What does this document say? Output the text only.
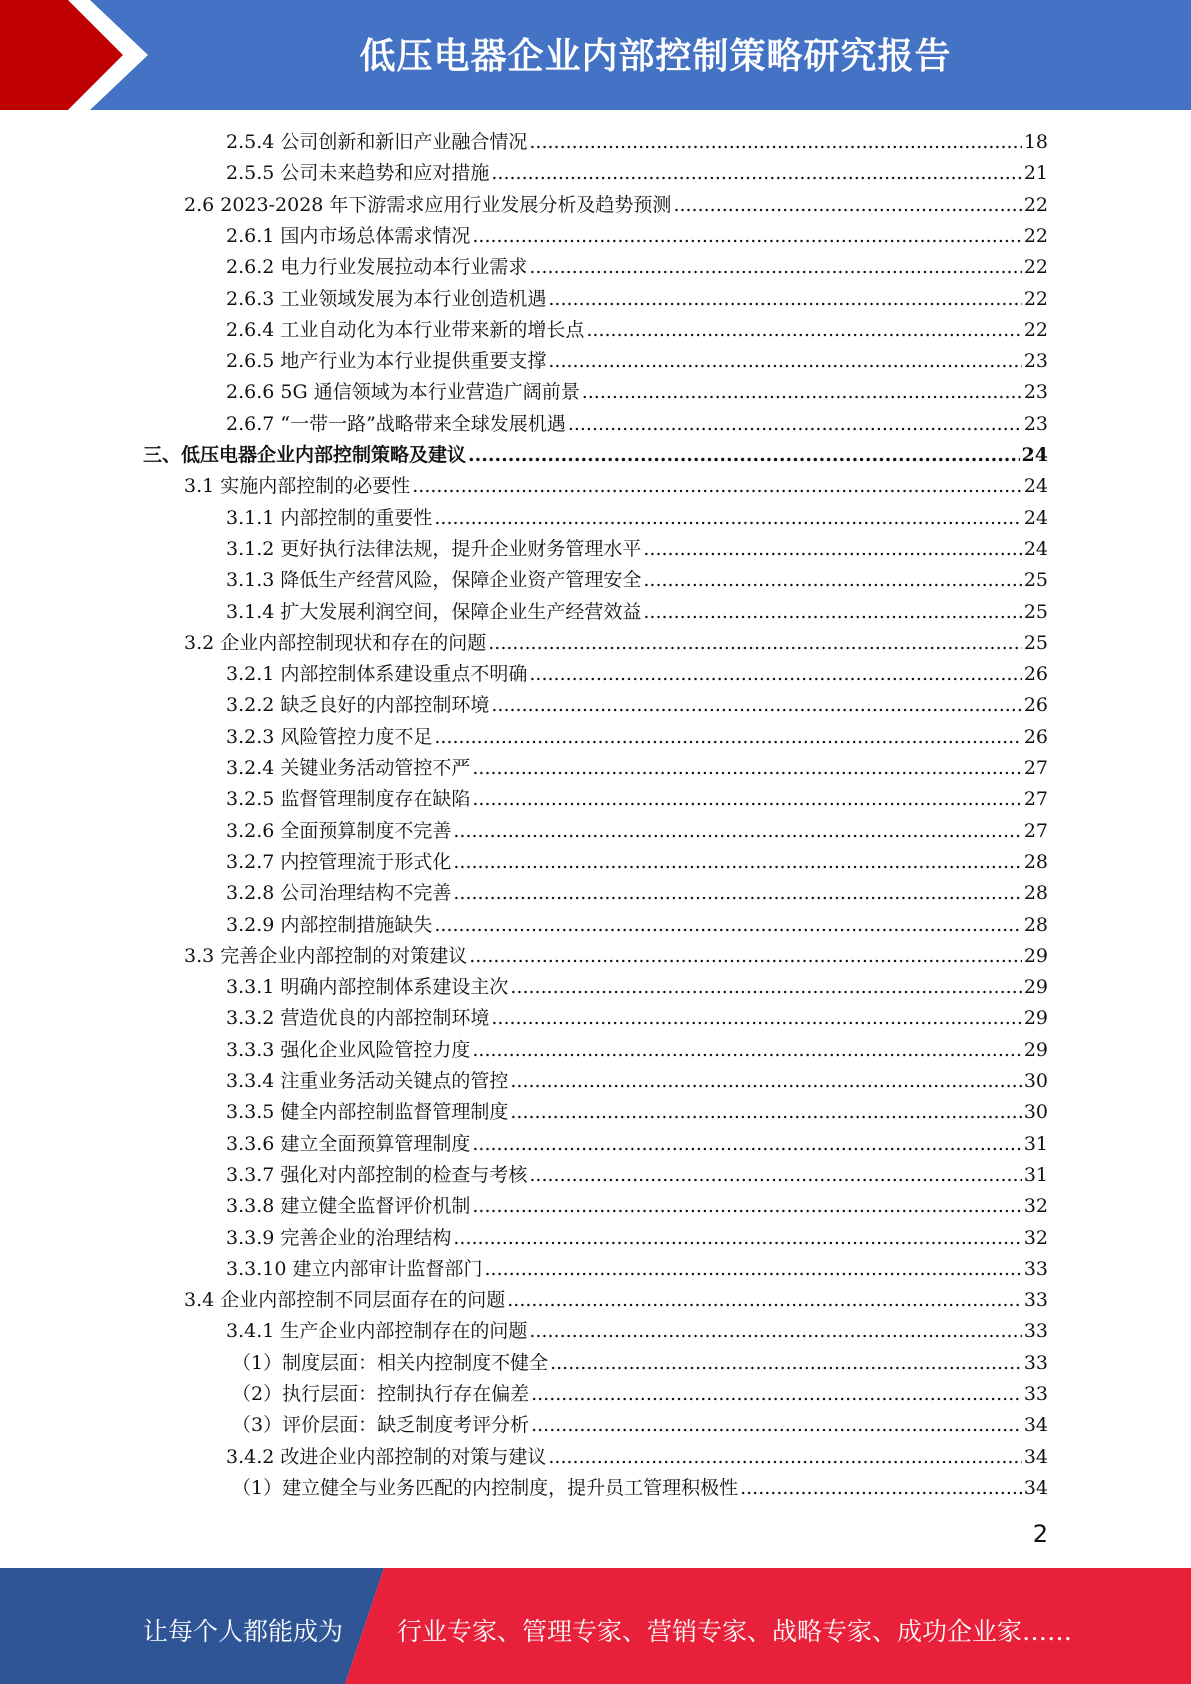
低压电器企业内部控制策略研究报告
2.5.4 公司创新和新旧产业融合情况 .....	18
2.5.5 公司未来趋势和应对措施 .....	21
2.6 2023-2028 年下游需求应用行业发展分析及趋势预测 .....	22
2.6.1 国内市场总体需求情况 .....	22
2.6.2 电力行业发展拉动本行业需求 .....	22
2.6.3 工业领域发展为本行业创造机遇 .....	22
2.6.4 工业自动化为本行业带来新的增长点 .....	22
2.6.5 地产行业为本行业提供重要支撑 .....	23
2.6.6 5G 通信领域为本行业营造广阔前景 .....	23
2.6.7 “一带一路”战略带来全球发展机遇 .....	23
三、低压电器企业内部控制策略及建议 .....	24
3.1 实施内部控制的必要性 .....	24
3.1.1 内部控制的重要性 .....	24
3.1.2 更好执行法律法规，提升企业财务管理水平 .....	24
3.1.3 降低生产经营风险，保障企业资产管理安全 .....	25
3.1.4 扩大发展利润空间，保障企业生产经营效益 .....	25
3.2 企业内部控制现状和存在的问题 .....	25
3.2.1 内部控制体系建设重点不明确 .....	26
3.2.2 缺乏良好的内部控制环境 .....	26
3.2.3 风险管控力度不足 .....	26
3.2.4 关键业务活动管控不严 .....	27
3.2.5 监督管理制度存在缺陷 .....	27
3.2.6 全面预算制度不完善 .....	27
3.2.7 内控管理流于形式化 .....	28
3.2.8 公司治理结构不完善 .....	28
3.2.9 内部控制措施缺失 .....	28
3.3 完善企业内部控制的对策建议 .....	29
3.3.1 明确内部控制体系建设主次 .....	29
3.3.2 营造优良的内部控制环境 .....	29
3.3.3 强化企业风险管控力度 .....	29
3.3.4 注重业务活动关键点的管控 .....	30
3.3.5 健全内部控制监督管理制度 .....	30
3.3.6 建立全面预算管理制度 .....	31
3.3.7 强化对内部控制的检查与考核 .....	31
3.3.8 建立健全监督评价机制 .....	32
3.3.9 完善企业的治理结构 .....	32
3.3.10 建立内部审计监督部门 .....	33
3.4 企业内部控制不同层面存在的问题 .....	33
3.4.1 生产企业内部控制存在的问题 .....	33
（1）制度层面：相关内控制度不健全 .....	33
（2）执行层面：控制执行存在偏差 .....	33
（3）评价层面：缺乏制度考评分析 .....	34
3.4.2 改进企业内部控制的对策与建议 .....	34
（1）建立健全与业务匹配的内控制度，提升员工管理积极性 .....	34
2
让每个人都能成为 行业专家、管理专家、营销专家、战略专家、成功企业家……
